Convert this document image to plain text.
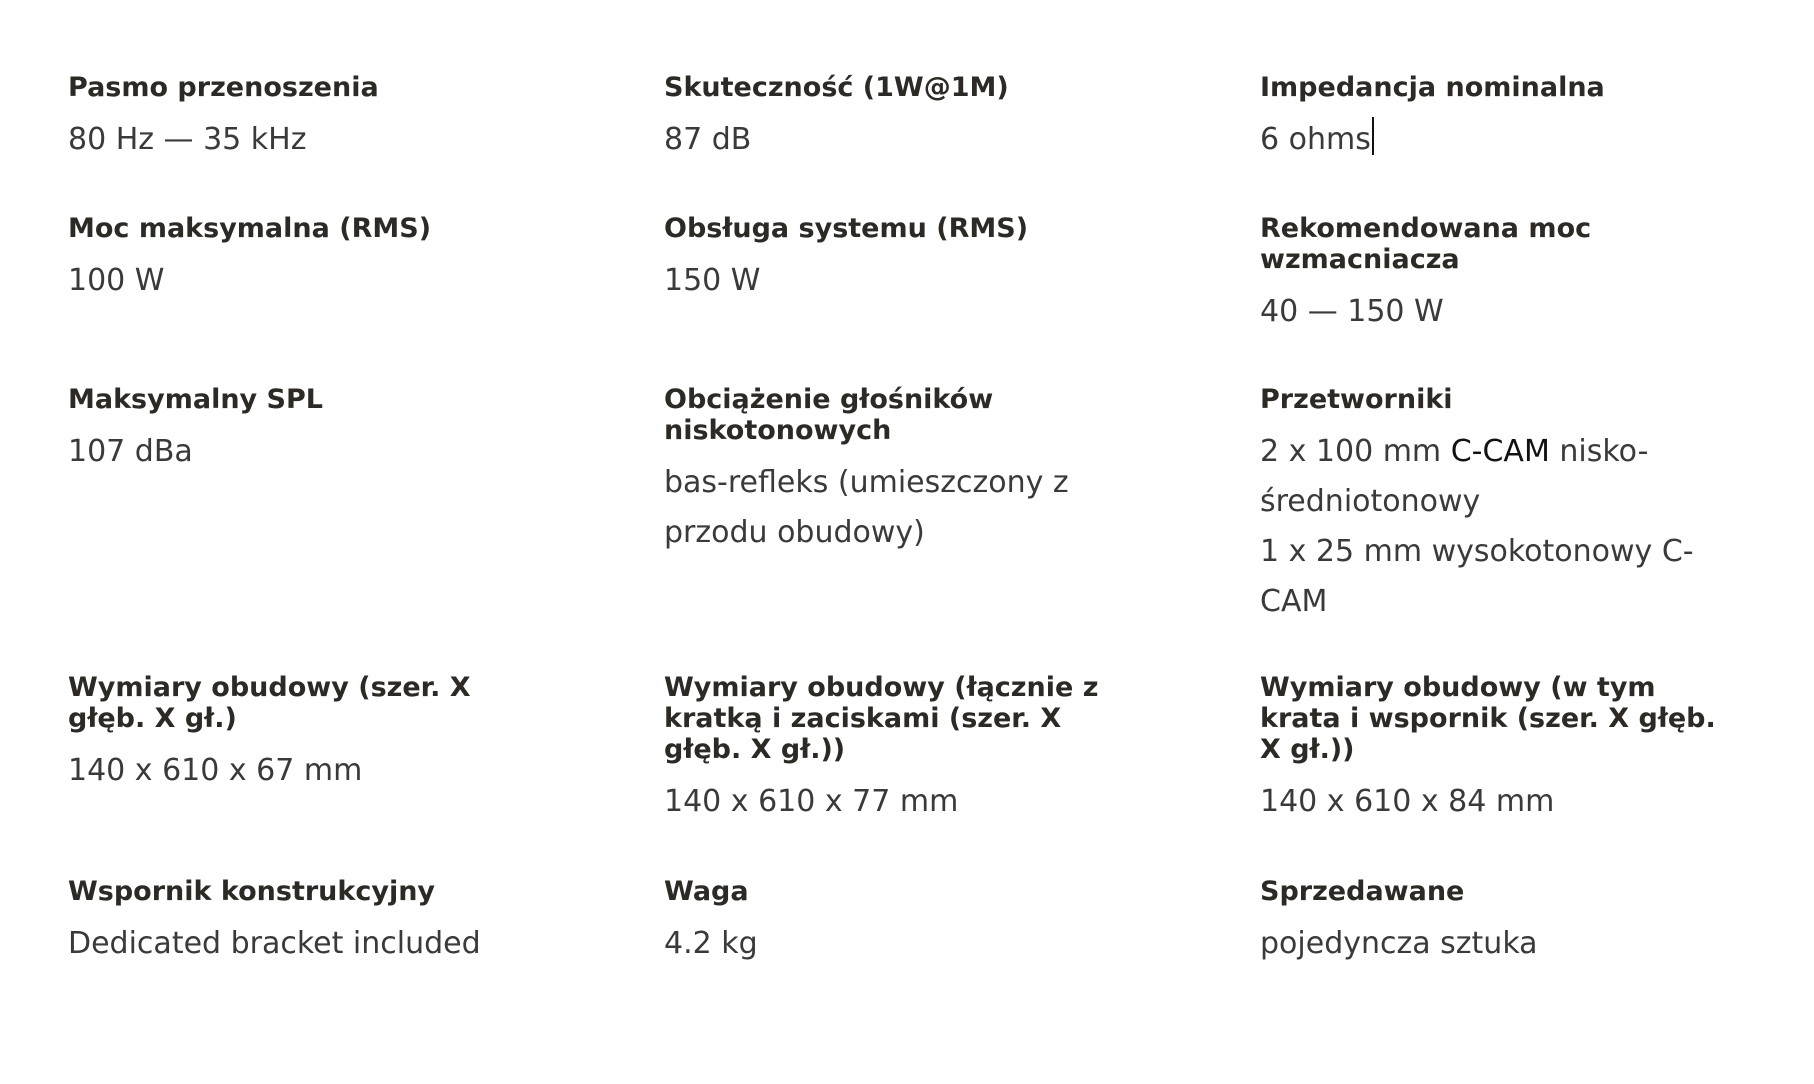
Pasmo przenoszenia
80 Hz — 35 kHz
Skuteczność (1W@1M)
87 dB
Impedancja nominalna
6 ohms
Moc maksymalna (RMS)
100 W
Obsługa systemu (RMS)
150 W
Rekomendowana moc wzmacniacza
40 — 150 W
Maksymalny SPL
107 dBa
Obciążenie głośników niskotonowych
bas-refleks (umieszczony z przodu obudowy)
Przetworniki
2 x 100 mm C-CAM nisko-średniotonowy
1 x 25 mm wysokotonowy C-CAM
Wymiary obudowy (szer. X głęb. X gł.)
140 x 610 x 67 mm
Wymiary obudowy (łącznie z kratką i zaciskami (szer. X głęb. X gł.))
140 x 610 x 77 mm
Wymiary obudowy (w tym krata i wspornik (szer. X głęb. X gł.))
140 x 610 x 84 mm
Wspornik konstrukcyjny
Dedicated bracket included
Waga
4.2 kg
Sprzedawane
pojedyncza sztuka
